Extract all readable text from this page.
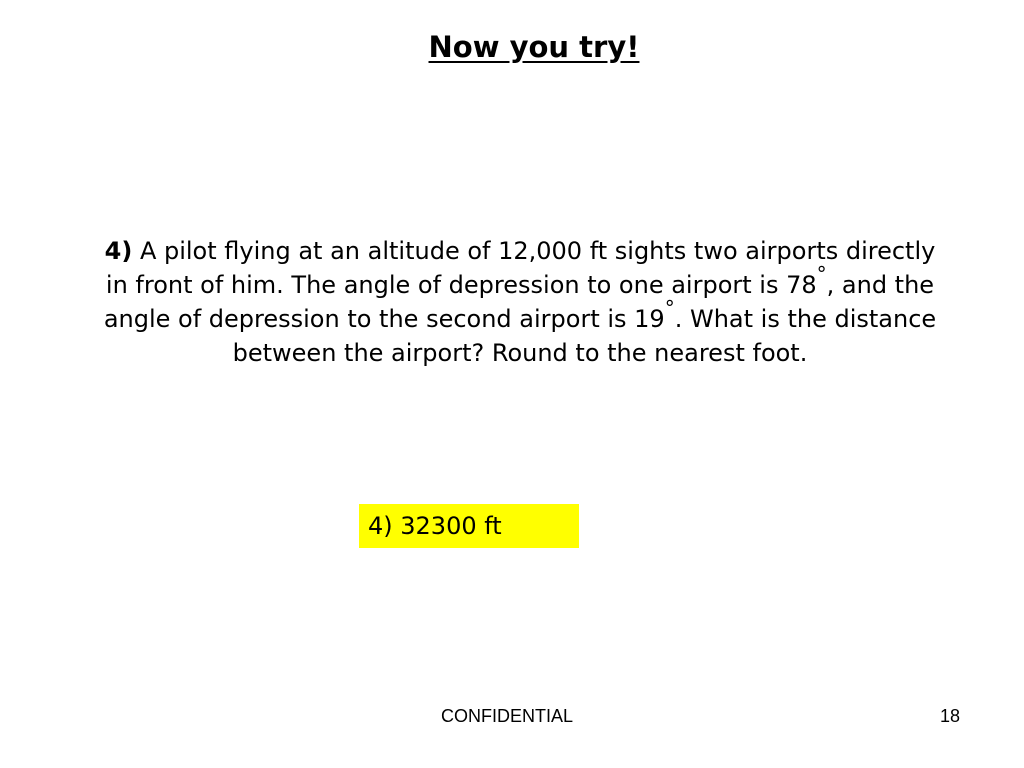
Now you try!

4) A pilot flying at an altitude of 12,000 ft sights two airports directly in front of him. The angle of depression to one airport is 78°, and the angle of depression to the second airport is 19°. What is the distance between the airport? Round to the nearest foot.

4) 32300 ft
CONFIDENTIAL	18
